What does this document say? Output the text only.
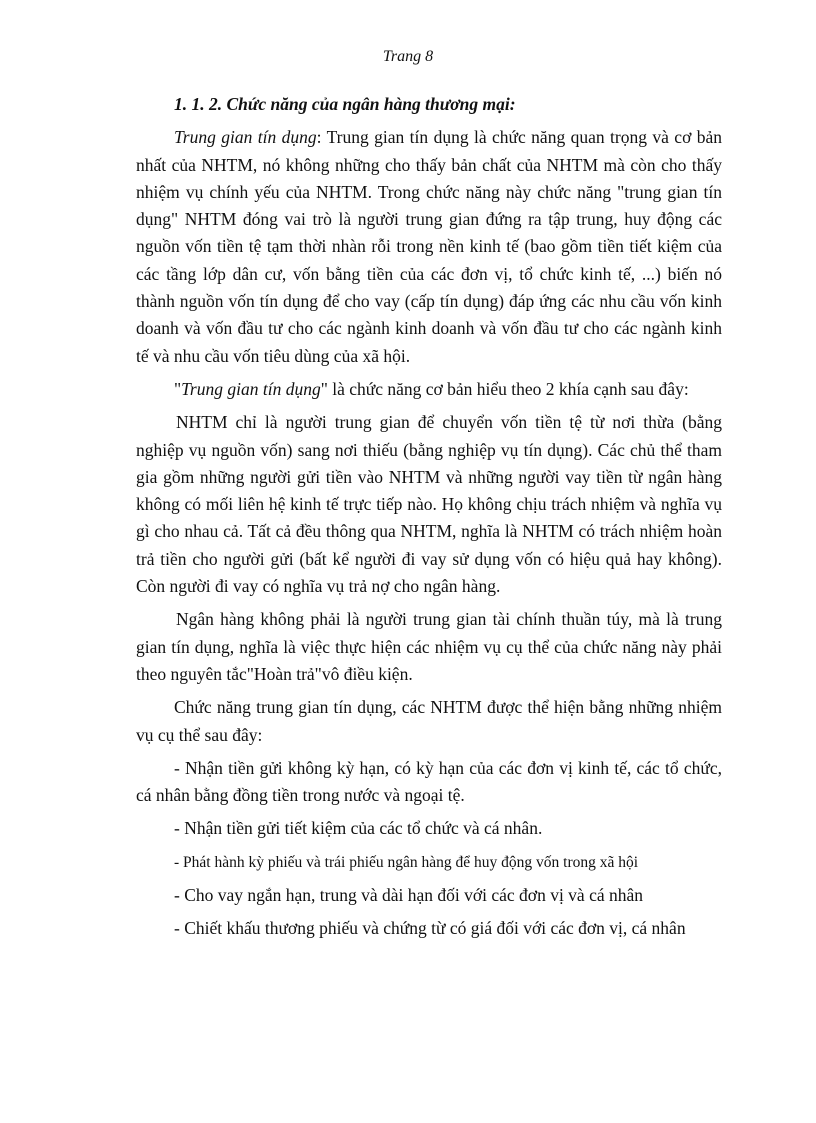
Trang 8

1. 1. 2. Chức năng của ngân hàng thương mại:

Trung gian tín dụng: Trung gian tín dụng là chức năng quan trọng và cơ bản nhất của NHTM, nó không những cho thấy bản chất của NHTM mà còn cho thấy nhiệm vụ chính yếu của NHTM. Trong chức năng này chức năng "trung gian tín dụng" NHTM đóng vai trò là người trung gian đứng ra tập trung, huy động các nguồn vốn tiền tệ tạm thời nhàn rỗi trong nền kinh tế (bao gồm tiền tiết kiệm của các tầng lớp dân cư, vốn bằng tiền của các đơn vị, tổ chức kinh tế, ...) biến nó thành nguồn vốn tín dụng để cho vay (cấp tín dụng) đáp ứng các nhu cầu vốn kinh doanh và vốn đầu tư cho các ngành kinh doanh và vốn đầu tư cho các ngành kinh tế và nhu cầu vốn tiêu dùng của xã hội.

"Trung gian tín dụng" là chức năng cơ bản hiểu theo 2 khía cạnh sau đây:

NHTM chỉ là người trung gian để chuyển vốn tiền tệ từ nơi thừa (bằng nghiệp vụ nguồn vốn) sang nơi thiếu (bằng nghiệp vụ tín dụng). Các chủ thể tham gia gồm những người gửi tiền vào NHTM và những người vay tiền từ ngân hàng không có mối liên hệ kinh tế trực tiếp nào. Họ không chịu trách nhiệm và nghĩa vụ gì cho nhau cả. Tất cả đều thông qua NHTM, nghĩa là NHTM có trách nhiệm hoàn trả tiền cho người gửi (bất kể người đi vay sử dụng vốn có hiệu quả hay không). Còn người đi vay có nghĩa vụ trả nợ cho ngân hàng.

Ngân hàng không phải là người trung gian tài chính thuần túy, mà là trung gian tín dụng, nghĩa là việc thực hiện các nhiệm vụ cụ thể của chức năng này phải theo nguyên tắc"Hoàn trả"vô điều kiện.

Chức năng trung gian tín dụng, các NHTM được thể hiện bằng những nhiệm vụ cụ thể sau đây:

- Nhận tiền gửi không kỳ hạn, có kỳ hạn của các đơn vị kinh tế, các tổ chức, cá nhân bằng đồng tiền trong nước và ngoại tệ.

- Nhận tiền gửi tiết kiệm của các tổ chức và cá nhân.

- Phát hành kỳ phiếu và trái phiếu ngân hàng để huy động vốn trong xã hội

- Cho vay ngắn hạn, trung và dài hạn đối với các đơn vị và cá nhân

- Chiết khấu thương phiếu và chứng từ có giá đối với các đơn vị, cá nhân
